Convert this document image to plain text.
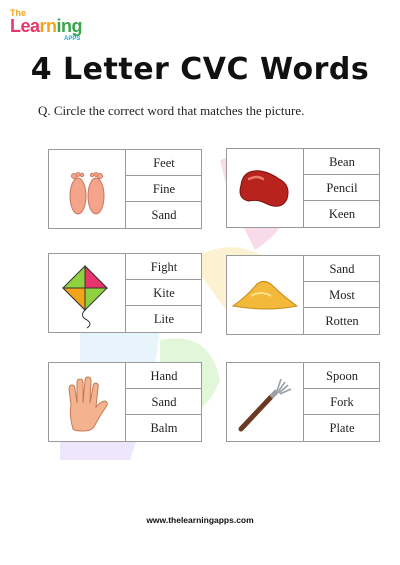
The
Learning
APPS
4 Letter CVC Words
Q. Circle the correct word that matches the picture.
Feet
Fine
Sand
Bean
Pencil
Keen
Fight
Kite
Lite
Sand
Most
Rotten
Hand
Sand
Balm
Spoon
Fork
Plate
www.thelearningapps.com
